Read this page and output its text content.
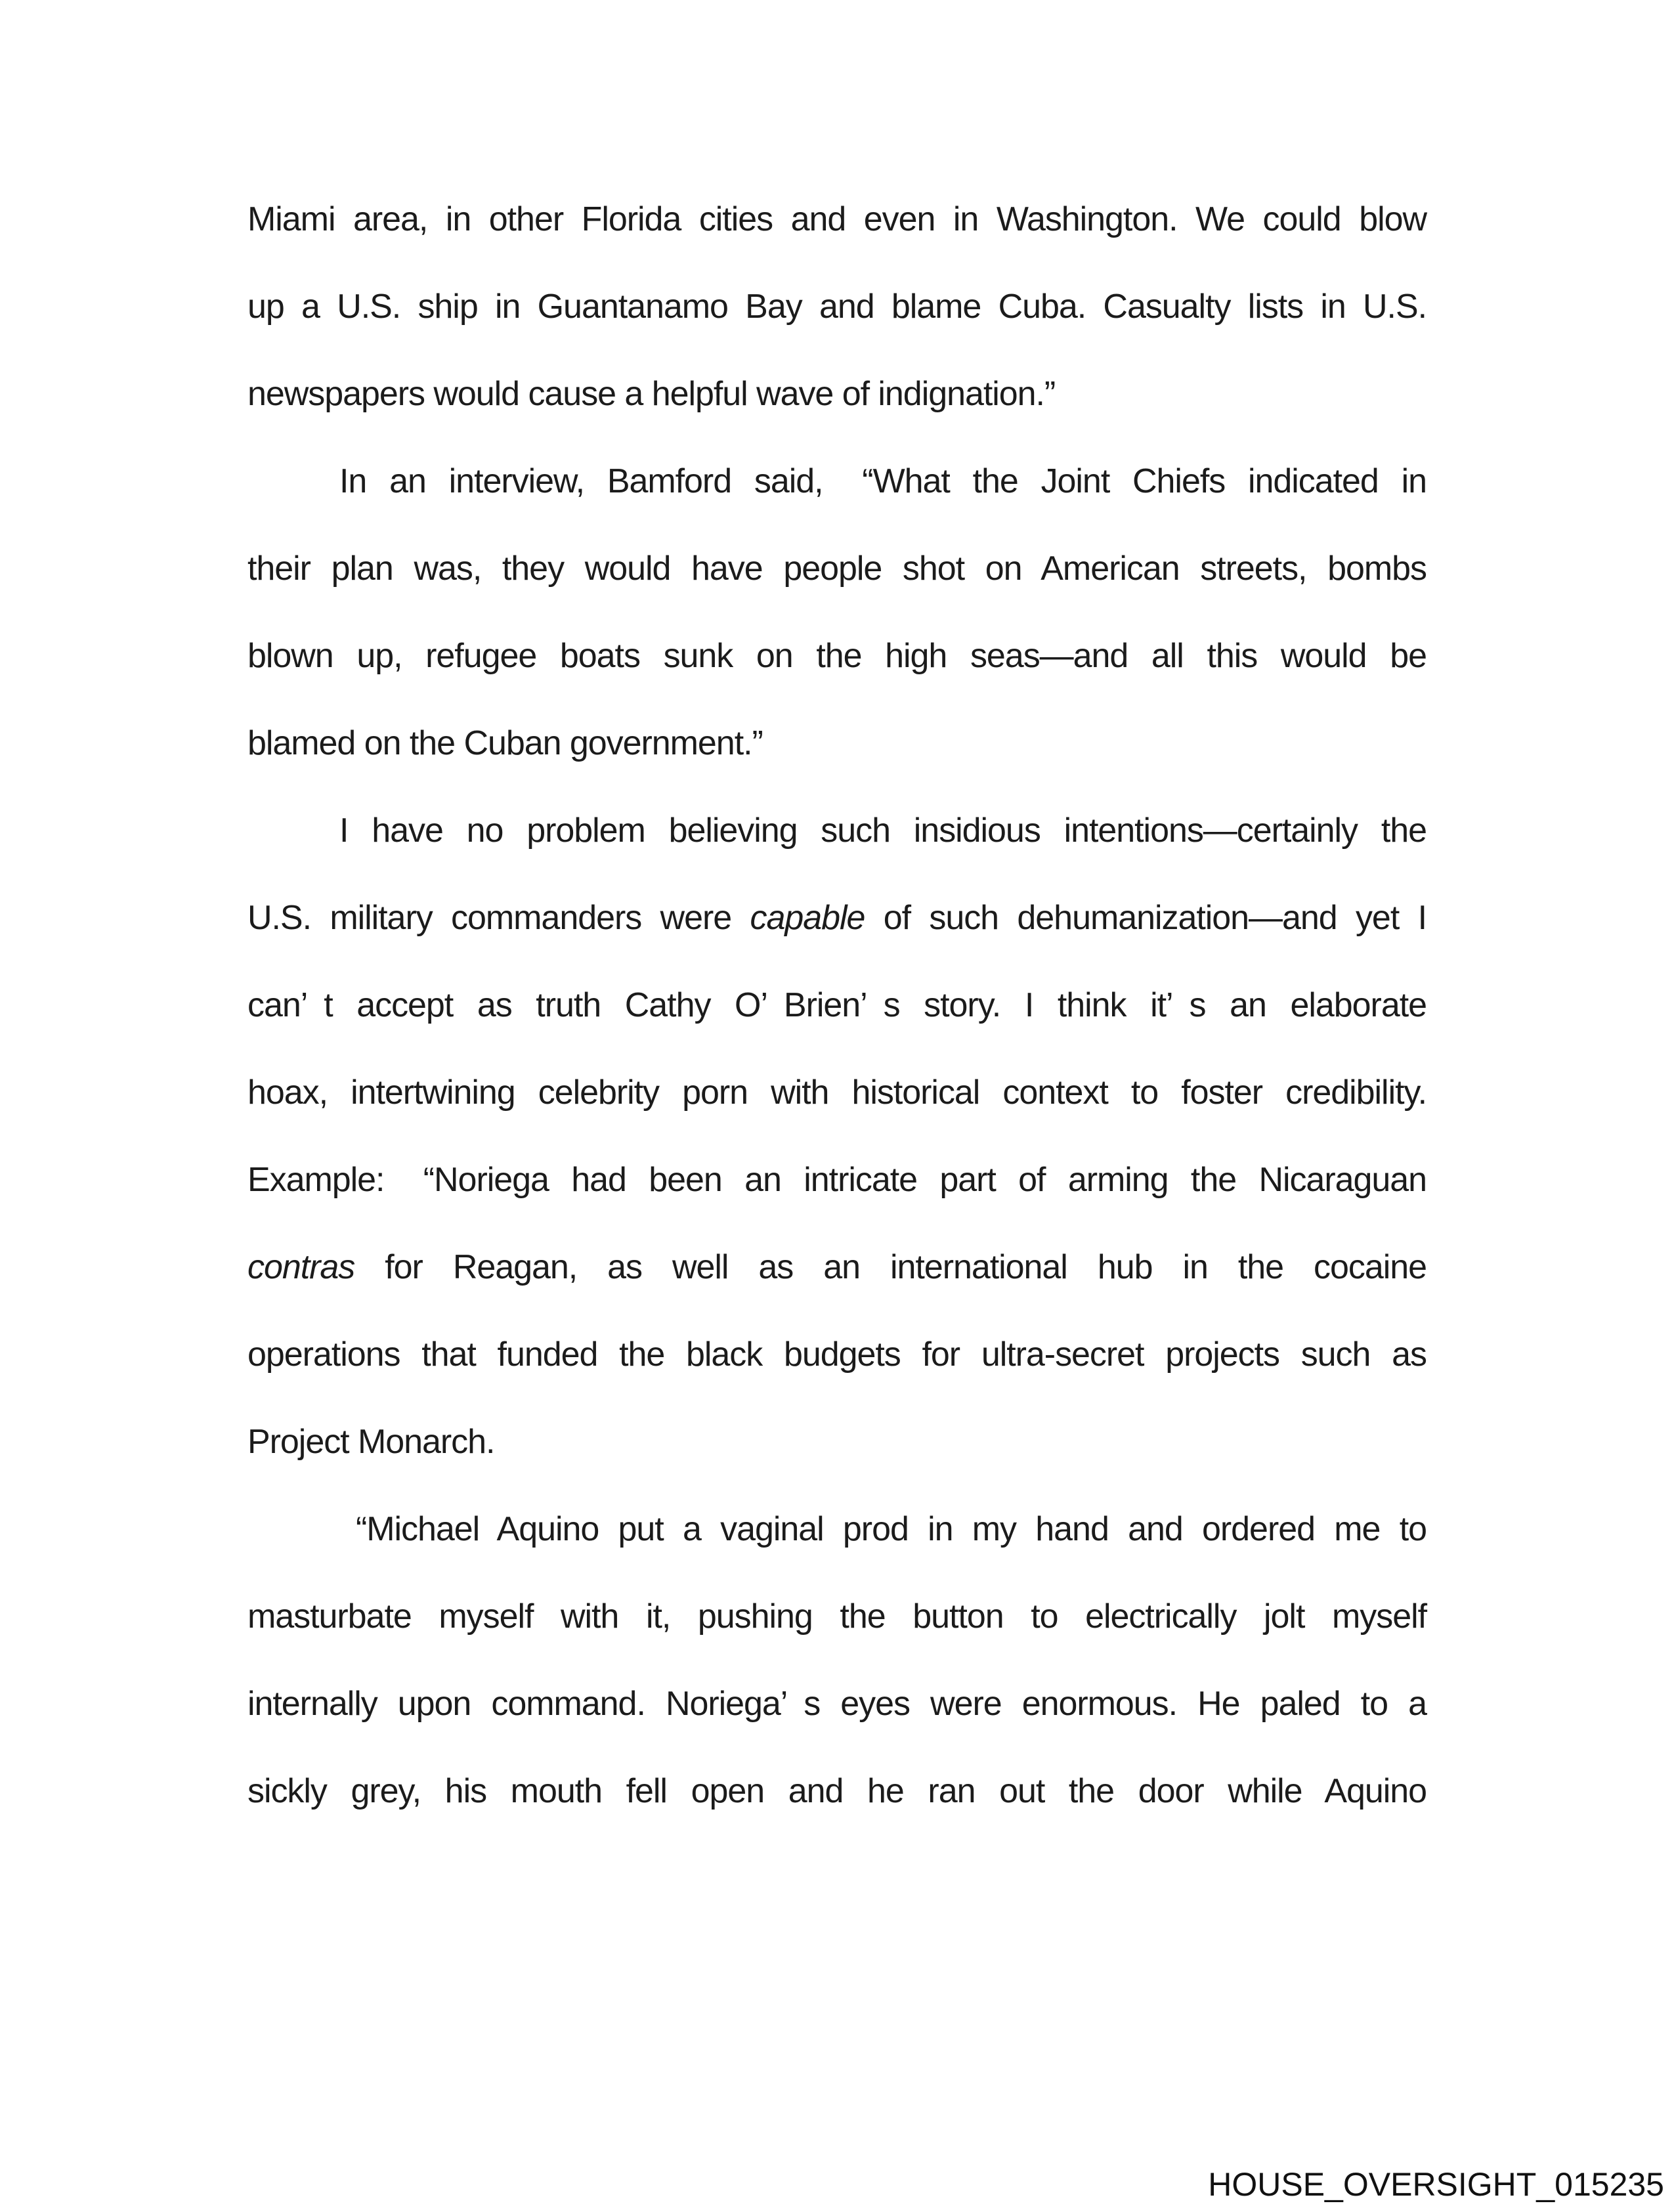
Miami area, in other Florida cities and even in Washington. We could blow
up a U.S. ship in Guantanamo Bay and blame Cuba. Casualty lists in U.S.
newspapers would cause a helpful wave of indignation.”
In an interview, Bamford said,  “What the Joint Chiefs indicated in
their plan was, they would have people shot on American streets, bombs
blown up, refugee boats sunk on the high seas—and all this would be
blamed on the Cuban government.”
I have no problem believing such insidious intentions—certainly the
U.S. military commanders were capable of such dehumanization—and yet I
can’ t accept as truth Cathy O’ Brien’ s story. I think it’ s an elaborate
hoax, intertwining celebrity porn with historical context to foster credibility.
Example:  “Noriega had been an intricate part of arming the Nicaraguan
contras for Reagan, as well as an international hub in the cocaine
operations that funded the black budgets for ultra-secret projects such as
Project Monarch.
 “Michael Aquino put a vaginal prod in my hand and ordered me to
masturbate myself with it, pushing the button to electrically jolt myself
internally upon command. Noriega’ s eyes were enormous. He paled to a
sickly grey, his mouth fell open and he ran out the door while Aquino
HOUSE_OVERSIGHT_015235
